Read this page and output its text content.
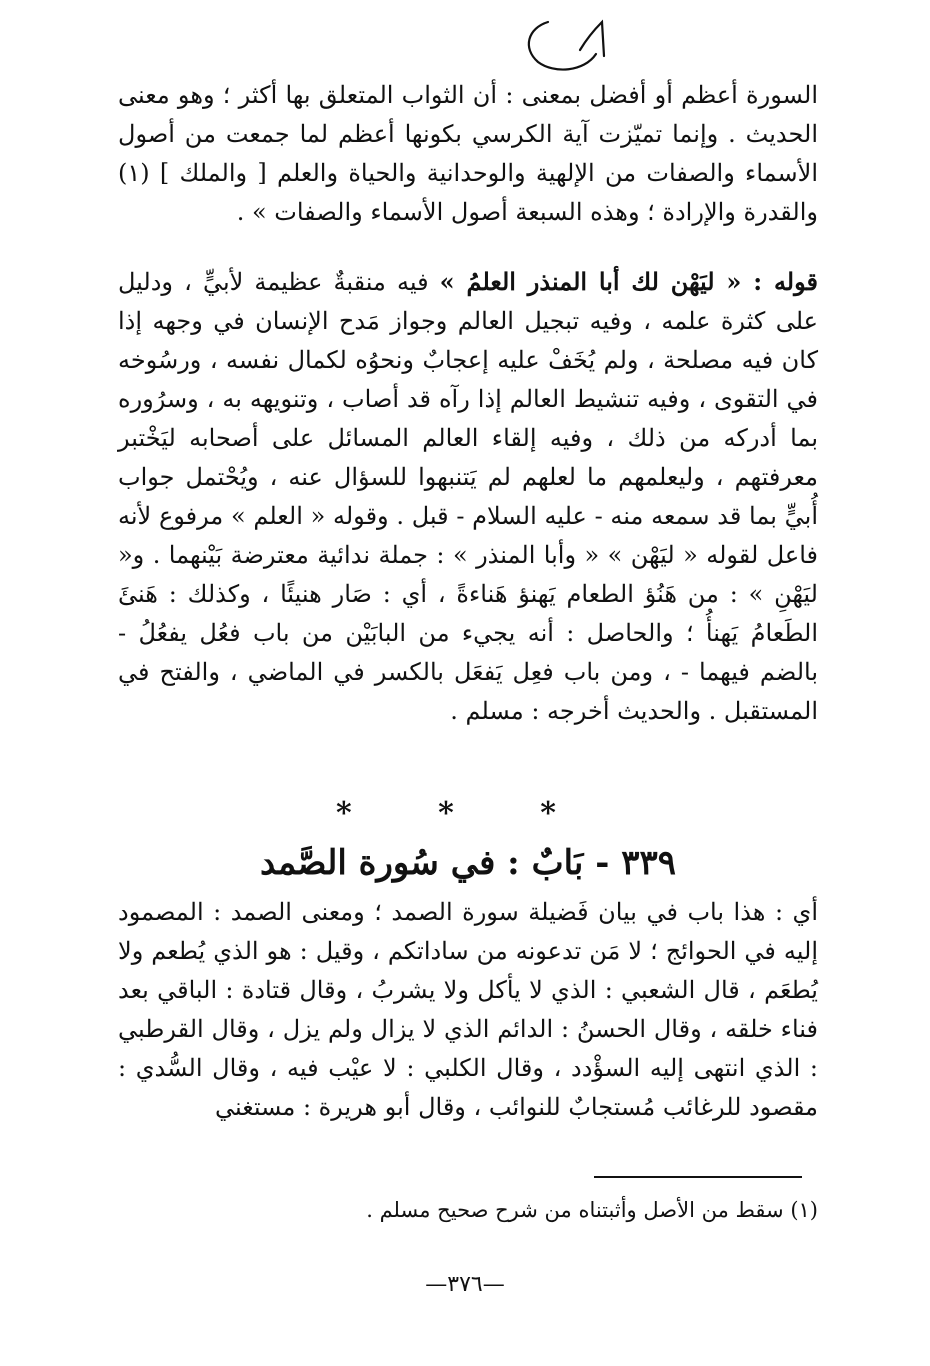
السورة أعظم أو أفضل بمعنى : أن الثواب المتعلق بها أكثر ؛ وهو معنى الحديث . وإنما تميّزت آية الكرسي بكونها أعظم لما جمعت من أصول الأسماء والصفات من الإلهية والوحدانية والحياة والعلم [ والملك ] (١) والقدرة والإرادة ؛ وهذه السبعة أصول الأسماء والصفات » .

قوله : « ليَهْن لك أبا المنذر العلمُ » فيه منقبةٌ عظيمة لأبيٍّ ، ودليل على كثرة علمه ، وفيه تبجيل العالم وجواز مَدح الإنسان في وجهه إذا كان فيه مصلحة ، ولم يُخَفْ عليه إعجابٌ ونحوُه لكمال نفسه ، ورسُوخه في التقوى ، وفيه تنشيط العالم إذا رآه قد أصاب ، وتنويهه به ، وسرُوره بما أدركه من ذلك ، وفيه إلقاء العالم المسائل على أصحابه ليَخْتبر معرفتهم ، وليعلمهم ما لعلهم لم يَتنبهوا للسؤال عنه ، ويُحْتمل جواب أُبيٍّ بما قد سمعه منه - عليه السلام - قبل . وقوله « العلم » مرفوع لأنه فاعل لقوله « ليَهْن » « وأبا المنذر » : جملة ندائية معترضة بَيْنهما . و« ليَهْنِ » : من هَنُؤ الطعام يَهنؤ هَناءةً ، أي : صَار هنيئًا ، وكذلك : هَنئَ الطَعامُ يَهنأُ ؛ والحاصل : أنه يجيء من البابَيْن من باب فعُل يفعُلُ - بالضم فيهما - ، ومن باب فعِل يَفعَل بالكسر في الماضي ، والفتح في المستقبل . والحديث أخرجه : مسلم .

* * *
٣٣٩ - بَابٌ : في سُورة الصَّمد

أي : هذا باب في بيان فَضيلة سورة الصمد ؛ ومعنى الصمد : المصمود إليه في الحوائج ؛ لا مَن تدعونه من ساداتكم ، وقيل : هو الذي يُطعم ولا يُطعَم ، قال الشعبي : الذي لا يأكل ولا يشربُ ، وقال قتادة : الباقي بعد فناء خلقه ، وقال الحسنُ : الدائم الذي لا يزال ولم يزل ، وقال القرطبي : الذي انتهى إليه السؤْدد ، وقال الكلبي : لا عيْب فيه ، وقال السُّدي : مقصود للرغائب مُستجابٌ للنوائب ، وقال أبو هريرة : مستغني

(١) سقط من الأصل وأثبتناه من شرح صحيح مسلم .
—٣٧٦—
